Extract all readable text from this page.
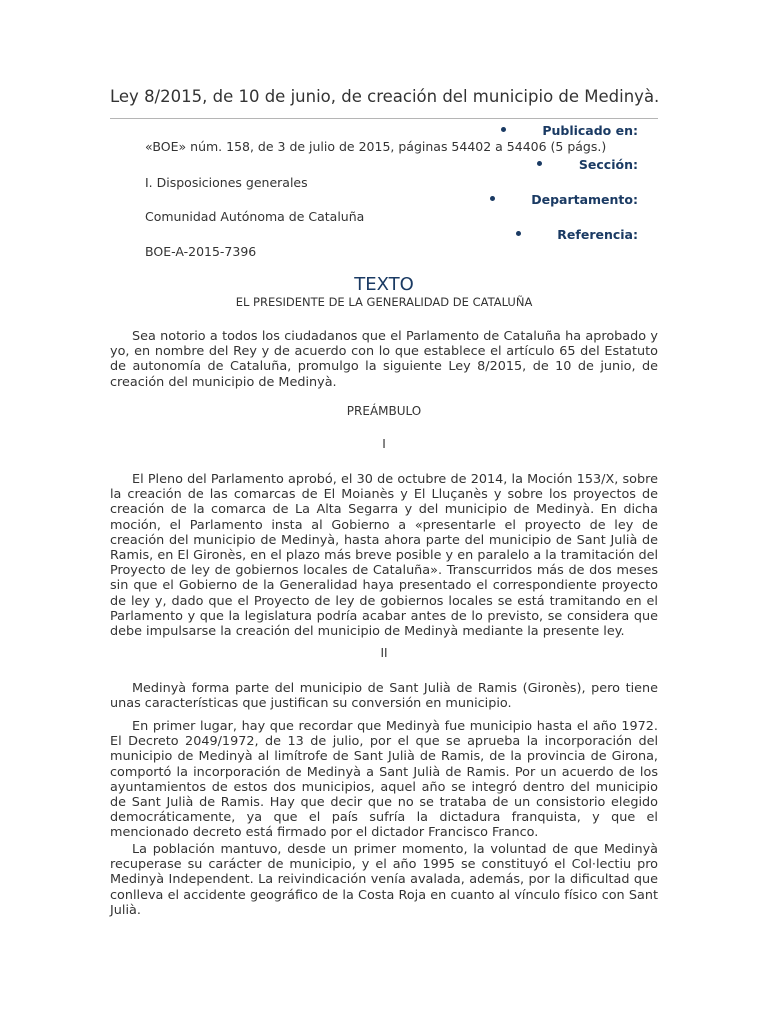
Ley 8/2015, de 10 de junio, de creación del municipio de Medinyà.
Publicado en:
«BOE» núm. 158, de 3 de julio de 2015, páginas 54402 a 54406 (5 págs.)
Sección:
I. Disposiciones generales
Departamento:
Comunidad Autónoma de Cataluña
Referencia:
BOE-A-2015-7396
TEXTO
EL PRESIDENTE DE LA GENERALIDAD DE CATALUÑA

Sea notorio a todos los ciudadanos que el Parlamento de Cataluña ha aprobado y yo, en nombre del Rey y de acuerdo con lo que establece el artículo 65 del Estatuto de autonomía de Cataluña, promulgo la siguiente Ley 8/2015, de 10 de junio, de creación del municipio de Medinyà.

PREÁMBULO
I

El Pleno del Parlamento aprobó, el 30 de octubre de 2014, la Moción 153/X, sobre la creación de las comarcas de El Moianès y El Lluçanès y sobre los proyectos de creación de la comarca de La Alta Segarra y del municipio de Medinyà. En dicha moción, el Parlamento insta al Gobierno a «presentarle el proyecto de ley de creación del municipio de Medinyà, hasta ahora parte del municipio de Sant Julià de Ramis, en El Gironès, en el plazo más breve posible y en paralelo a la tramitación del Proyecto de ley de gobiernos locales de Cataluña». Transcurridos más de dos meses sin que el Gobierno de la Generalidad haya presentado el correspondiente proyecto de ley y, dado que el Proyecto de ley de gobiernos locales se está tramitando en el Parlamento y que la legislatura podría acabar antes de lo previsto, se considera que debe impulsarse la creación del municipio de Medinyà mediante la presente ley.

II

Medinyà forma parte del municipio de Sant Julià de Ramis (Gironès), pero tiene unas características que justifican su conversión en municipio.

En primer lugar, hay que recordar que Medinyà fue municipio hasta el año 1972. El Decreto 2049/1972, de 13 de julio, por el que se aprueba la incorporación del municipio de Medinyà al limítrofe de Sant Julià de Ramis, de la provincia de Girona, comportó la incorporación de Medinyà a Sant Julià de Ramis. Por un acuerdo de los ayuntamientos de estos dos municipios, aquel año se integró dentro del municipio de Sant Julià de Ramis. Hay que decir que no se trataba de un consistorio elegido democráticamente, ya que el país sufría la dictadura franquista, y que el mencionado decreto está firmado por el dictador Francisco Franco.

La población mantuvo, desde un primer momento, la voluntad de que Medinyà recuperase su carácter de municipio, y el año 1995 se constituyó el Col·lectiu pro Medinyà Independent. La reivindicación venía avalada, además, por la dificultad que conlleva el accidente geográfico de la Costa Roja en cuanto al vínculo físico con Sant Julià.
